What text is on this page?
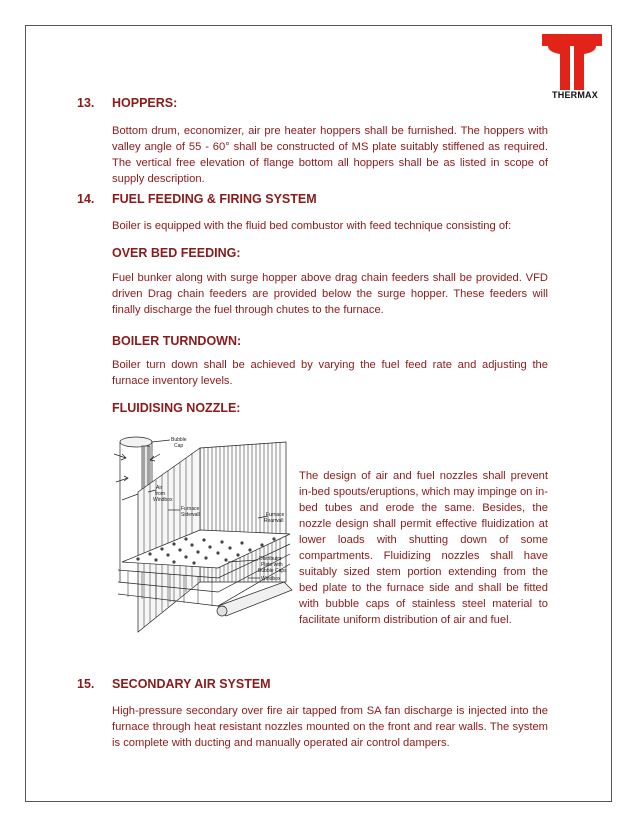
THERMAX
13. HOPPERS:
Bottom drum, economizer, air pre heater hoppers shall be furnished. The hoppers with valley angle of 55 - 60° shall be constructed of MS plate suitably stiffened as required. The vertical free elevation of flange bottom all hoppers shall be as listed in scope of supply description.
14. FUEL FEEDING & FIRING SYSTEM
Boiler is equipped with the fluid bed combustor with feed technique consisting of:
OVER BED FEEDING:
Fuel bunker along with surge hopper above drag chain feeders shall be provided. VFD driven Drag chain feeders are provided below the surge hopper. These feeders will finally discharge the fuel through chutes to the furnace.
BOILER TURNDOWN:
Boiler turn down shall be achieved by varying the fuel feed rate and adjusting the furnace inventory levels.
FLUIDISING NOZZLE:
The design of air and fuel nozzles shall prevent in-bed spouts/eruptions, which may impinge on in-bed tubes and erode the same. Besides, the nozzle design shall permit effective fluidization at lower loads with shutting down of some compartments. Fluidizing nozzles shall have suitably sized stem portion extending from the bed plate to the furnace side and shall be fitted with bubble caps of stainless steel material to facilitate uniform distribution of air and fuel.
Bubble
Cap
Air
from
Windbox
Furnace
Sidewall	Furnace
Rearwall
Distributor
Plate with
Bubble Caps
Windbox
15. SECONDARY AIR SYSTEM
High-pressure secondary over fire air tapped from SA fan discharge is injected into the furnace through heat resistant nozzles mounted on the front and rear walls. The system is complete with ducting and manually operated air control dampers.
